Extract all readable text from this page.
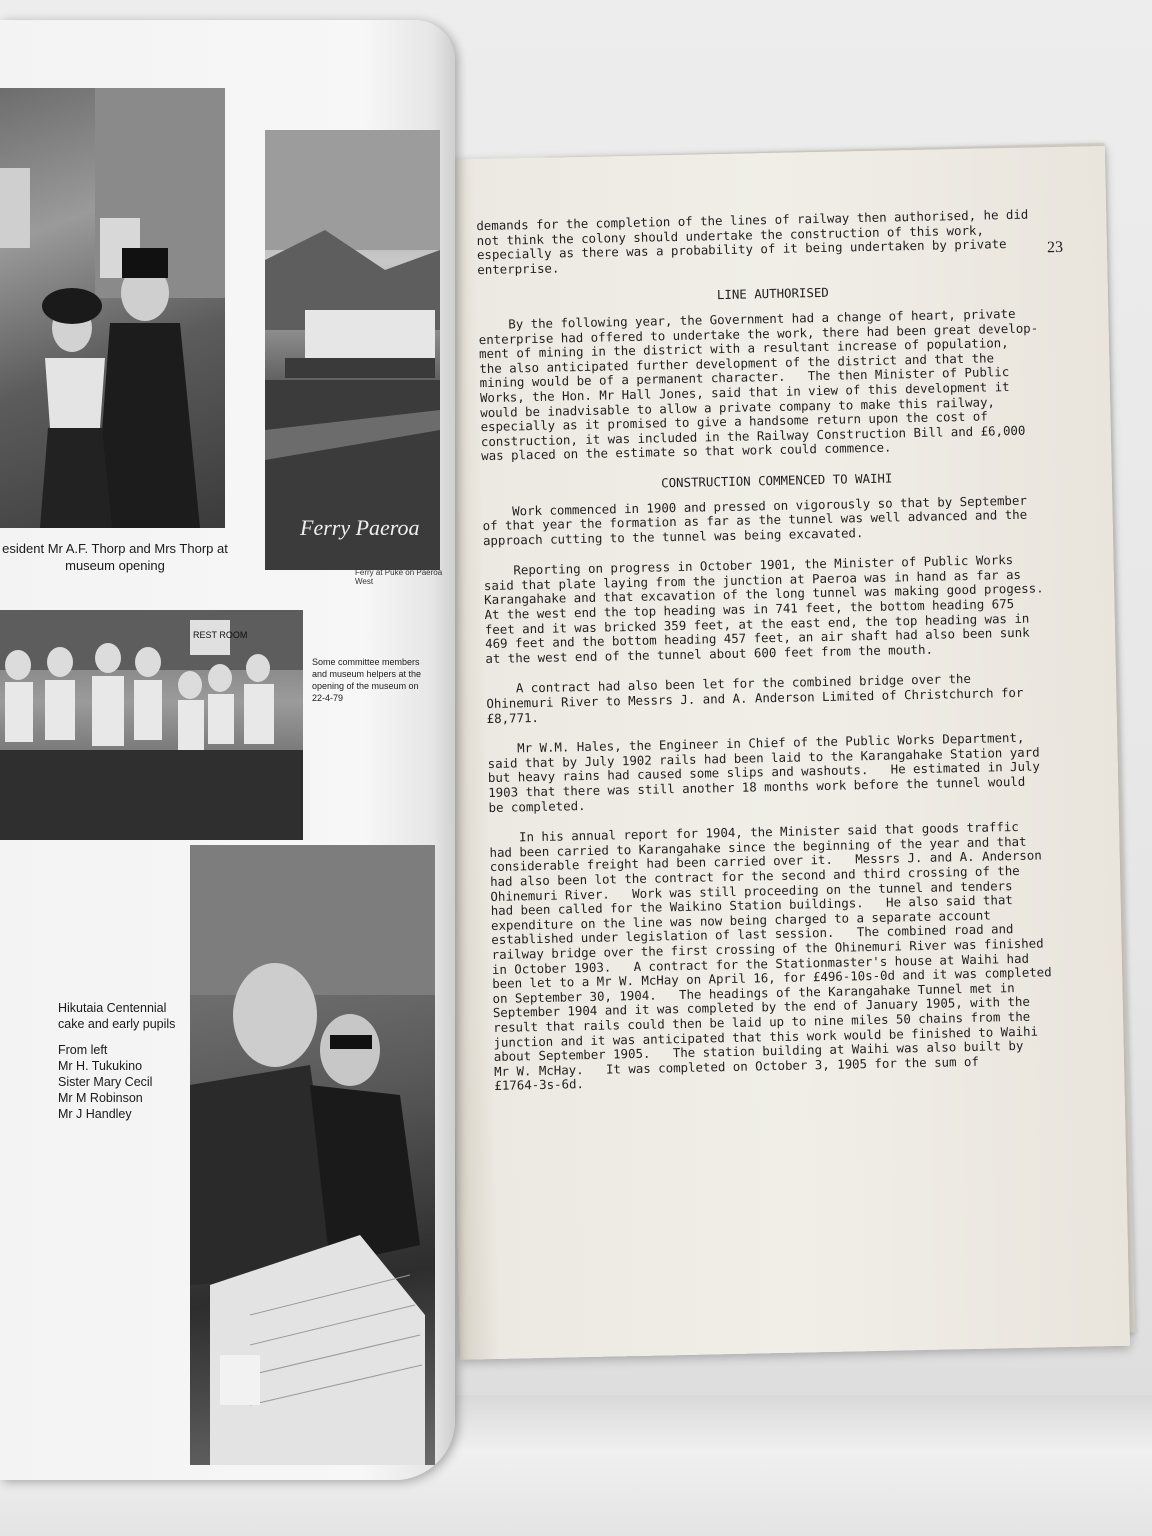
23

demands for the completion of the lines of railway then authorised, he did
not think the colony should undertake the construction of this work,
especially as there was a probability of it being undertaken by private
enterprise.

LINE AUTHORISED

By the following year, the Government had a change of heart, private
enterprise had offered to undertake the work, there had been great develop-
ment of mining in the district with a resultant increase of population,
the also anticipated further development of the district and that the
mining would be of a permanent character.   The then Minister of Public
Works, the Hon. Mr Hall Jones, said that in view of this development it
would be inadvisable to allow a private company to make this railway,
especially as it promised to give a handsome return upon the cost of
construction, it was included in the Railway Construction Bill and £6,000
was placed on the estimate so that work could commence.

CONSTRUCTION COMMENCED TO WAIHI

Work commenced in 1900 and pressed on vigorously so that by September
of that year the formation as far as the tunnel was well advanced and the
approach cutting to the tunnel was being excavated.

Reporting on progress in October 1901, the Minister of Public Works
said that plate laying from the junction at Paeroa was in hand as far as
Karangahake and that excavation of the long tunnel was making good progess.
At the west end the top heading was in 741 feet, the bottom heading 675
feet and it was bricked 359 feet, at the east end, the top heading was in
469 feet and the bottom heading 457 feet, an air shaft had also been sunk
at the west end of the tunnel about 600 feet from the mouth.

A contract had also been let for the combined bridge over the
Ohinemuri River to Messrs J. and A. Anderson Limited of Christchurch for
£8,771.

Mr W.M. Hales, the Engineer in Chief of the Public Works Department,
said that by July 1902 rails had been laid to the Karangahake Station yard
but heavy rains had caused some slips and washouts.   He estimated in July
1903 that there was still another 18 months work before the tunnel would
be completed.

In his annual report for 1904, the Minister said that goods traffic
had been carried to Karangahake since the beginning of the year and that
considerable freight had been carried over it.   Messrs J. and A. Anderson
had also been lot the contract for the second and third crossing of the
Ohinemuri River.   Work was still proceeding on the tunnel and tenders
had been called for the Waikino Station buildings.   He also said that
expenditure on the line was now being charged to a separate account
established under legislation of last session.   The combined road and
railway bridge over the first crossing of the Ohinemuri River was finished
in October 1903.   A contract for the Stationmaster's house at Waihi had
been let to a Mr W. McHay on April 16, for £496-10s-0d and it was completed
on September 30, 1904.   The headings of the Karangahake Tunnel met in
September 1904 and it was completed by the end of January 1905, with the
result that rails could then be laid up to nine miles 50 chains from the
junction and it was anticipated that this work would be finished to Waihi
about September 1905.   The station building at Waihi was also built by
Mr W. McHay.   It was completed on October 3, 1905 for the sum of
£1764-3s-6d.

Ferry Paeroa
esident Mr A.F. Thorp and Mrs Thorp at museum opening	Ferry at Puke on Paeroa West
REST ROOM
Some committee members and museum helpers at the opening of the museum on 22-4-79
Hikutaia Centennial cake and early pupils
From left
Mr H. Tukukino
Sister Mary Cecil
Mr M Robinson
Mr J Handley
